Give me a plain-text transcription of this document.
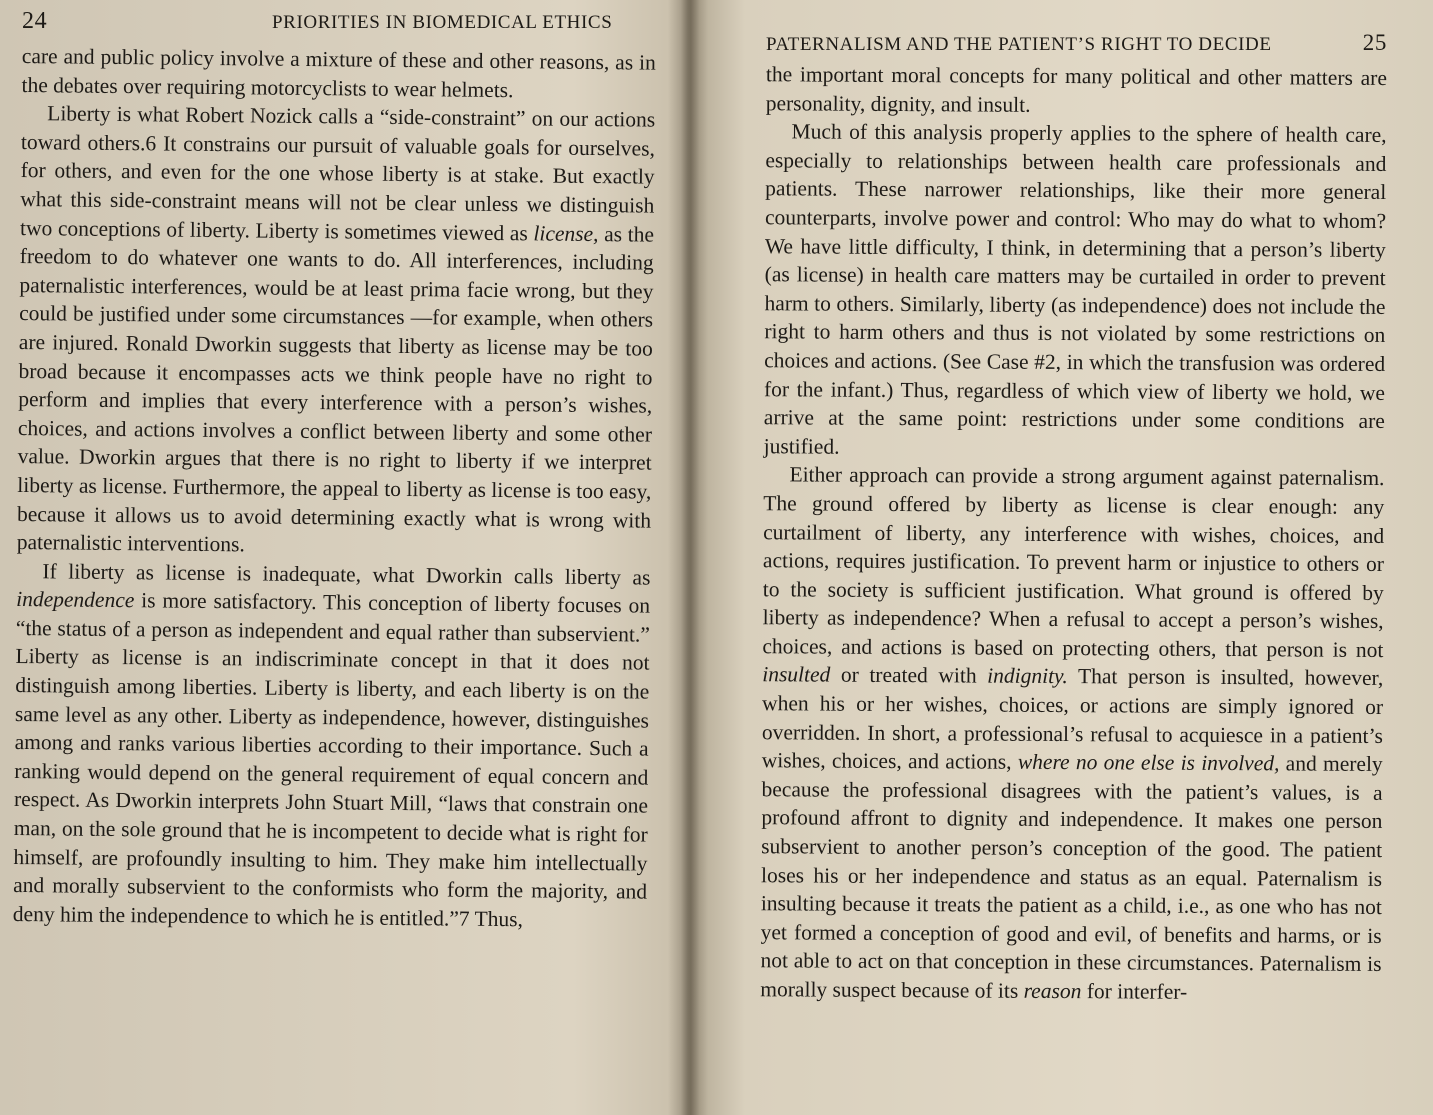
24	PRIORITIES IN BIOMEDICAL ETHICS

care and public policy involve a mixture of these and other reasons, as in the debates over requiring motorcyclists to wear helmets.

Liberty is what Robert Nozick calls a “side-constraint” on our actions toward others.6 It constrains our pursuit of valuable goals for ourselves, for others, and even for the one whose liberty is at stake. But exactly what this side-constraint means will not be clear unless we distinguish two conceptions of liberty. Liberty is sometimes viewed as license, as the freedom to do whatever one wants to do. All interferences, including paternalistic interferences, would be at least prima facie wrong, but they could be justified under some circumstances —for example, when others are injured. Ronald Dworkin suggests that liberty as license may be too broad because it encompasses acts we think people have no right to perform and implies that every interference with a person’s wishes, choices, and actions involves a conflict between liberty and some other value. Dworkin argues that there is no right to liberty if we interpret liberty as license. Furthermore, the appeal to liberty as license is too easy, because it allows us to avoid determining exactly what is wrong with paternalistic interventions.

If liberty as license is inadequate, what Dworkin calls liberty as independence is more satisfactory. This conception of liberty focuses on “the status of a person as independent and equal rather than subservient.” Liberty as license is an indiscriminate concept in that it does not distinguish among liberties. Liberty is liberty, and each liberty is on the same level as any other. Liberty as independence, however, distinguishes among and ranks various liberties according to their importance. Such a ranking would depend on the general requirement of equal concern and respect. As Dworkin interprets John Stuart Mill, “laws that constrain one man, on the sole ground that he is incompetent to decide what is right for himself, are profoundly insulting to him. They make him intellectually and morally subservient to the conformists who form the majority, and deny him the independence to which he is entitled.”7 Thus,

PATERNALISM AND THE PATIENT’S RIGHT TO DECIDE	25

the important moral concepts for many political and other matters are personality, dignity, and insult.

Much of this analysis properly applies to the sphere of health care, especially to relationships between health care professionals and patients. These narrower relationships, like their more general counterparts, involve power and control: Who may do what to whom? We have little difficulty, I think, in determining that a person’s liberty (as license) in health care matters may be curtailed in order to prevent harm to others. Similarly, liberty (as independence) does not include the right to harm others and thus is not violated by some restrictions on choices and actions. (See Case #2, in which the transfusion was ordered for the infant.) Thus, regardless of which view of liberty we hold, we arrive at the same point: restrictions under some conditions are justified.

Either approach can provide a strong argument against paternalism. The ground offered by liberty as license is clear enough: any curtailment of liberty, any interference with wishes, choices, and actions, requires justification. To prevent harm or injustice to others or to the society is sufficient justification. What ground is offered by liberty as independence? When a refusal to accept a person’s wishes, choices, and actions is based on protecting others, that person is not insulted or treated with indignity. That person is insulted, however, when his or her wishes, choices, or actions are simply ignored or overridden. In short, a professional’s refusal to acquiesce in a patient’s wishes, choices, and actions, where no one else is involved, and merely because the professional disagrees with the patient’s values, is a profound affront to dignity and independence. It makes one person subservient to another person’s conception of the good. The patient loses his or her independence and status as an equal. Paternalism is insulting because it treats the patient as a child, i.e., as one who has not yet formed a conception of good and evil, of benefits and harms, or is not able to act on that conception in these circumstances. Paternalism is morally suspect because of its reason for interfer-
